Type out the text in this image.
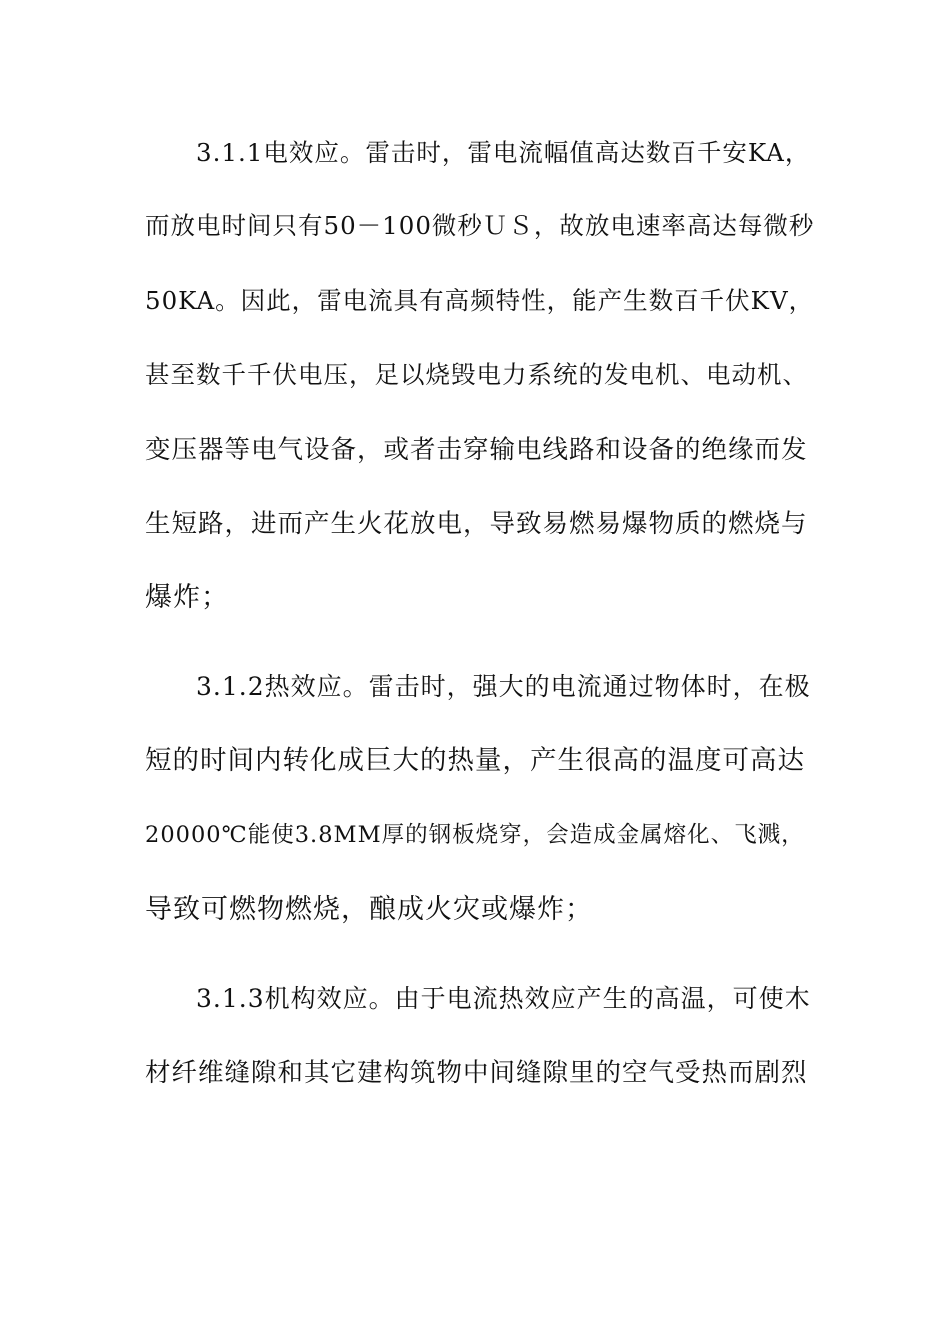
3.1.1电效应。雷击时，雷电流幅值高达数百千安KA，
而放电时间只有50－100微秒ＵＳ，故放电速率高达每微秒
50KA。因此，雷电流具有高频特性，能产生数百千伏KV，
甚至数千千伏电压，足以烧毁电力系统的发电机、电动机、
变压器等电气设备，或者击穿输电线路和设备的绝缘而发
生短路，进而产生火花放电，导致易燃易爆物质的燃烧与
爆炸；
3.1.2热效应。雷击时，强大的电流通过物体时，在极
短的时间内转化成巨大的热量，产生很高的温度可高达
20000℃能使3.8MM厚的钢板烧穿，会造成金属熔化、飞溅，
导致可燃物燃烧，酿成火灾或爆炸；
3.1.3机构效应。由于电流热效应产生的高温，可使木
材纤维缝隙和其它建构筑物中间缝隙里的空气受热而剧烈
